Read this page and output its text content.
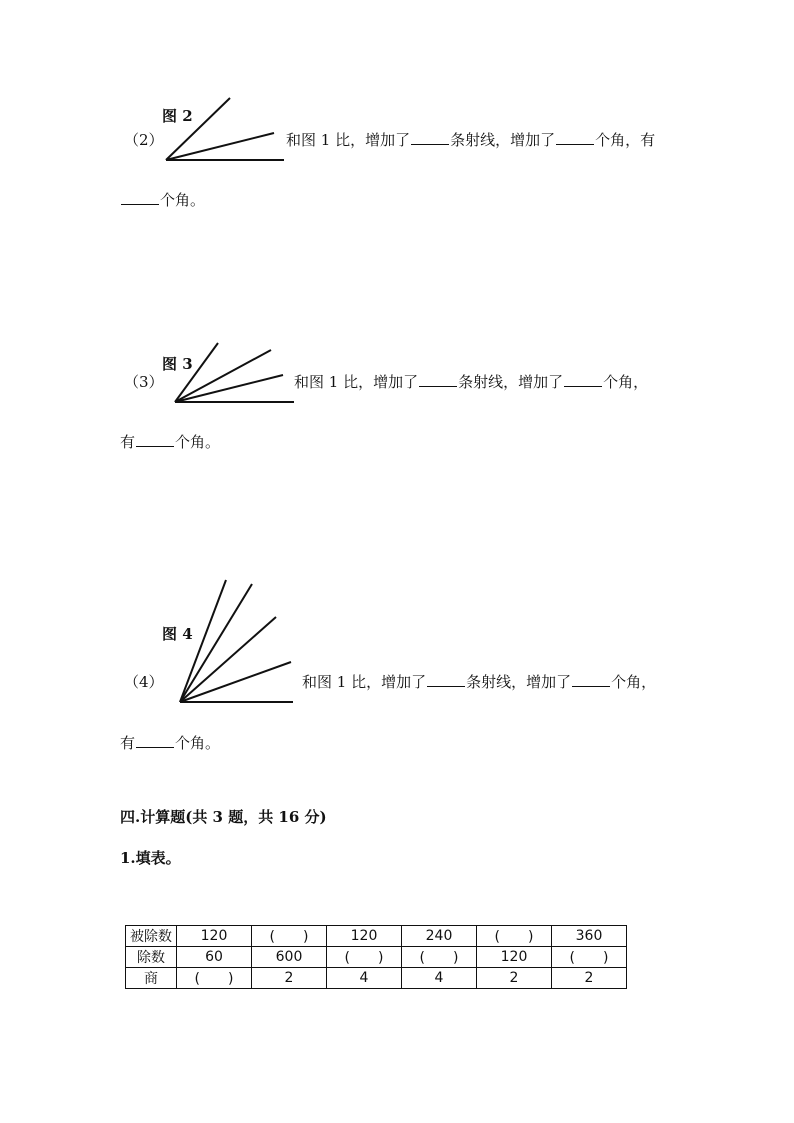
（2）
图 2
和图 1 比，增加了	条射线，增加了	个角，有
个角。
（3）
图 3
和图 1 比，增加了	条射线，增加了	个角，
有	个角。
（4）
图 4
和图 1 比，增加了	条射线，增加了	个角，
有	个角。
四.计算题(共 3 题，共 16 分)
1.填表。
被除数	120	(　　)	120	240	(　　)	360
除数	60	600	(　　)	(　　)	120	(　　)
商	(　　)	2	4	4	2	2
